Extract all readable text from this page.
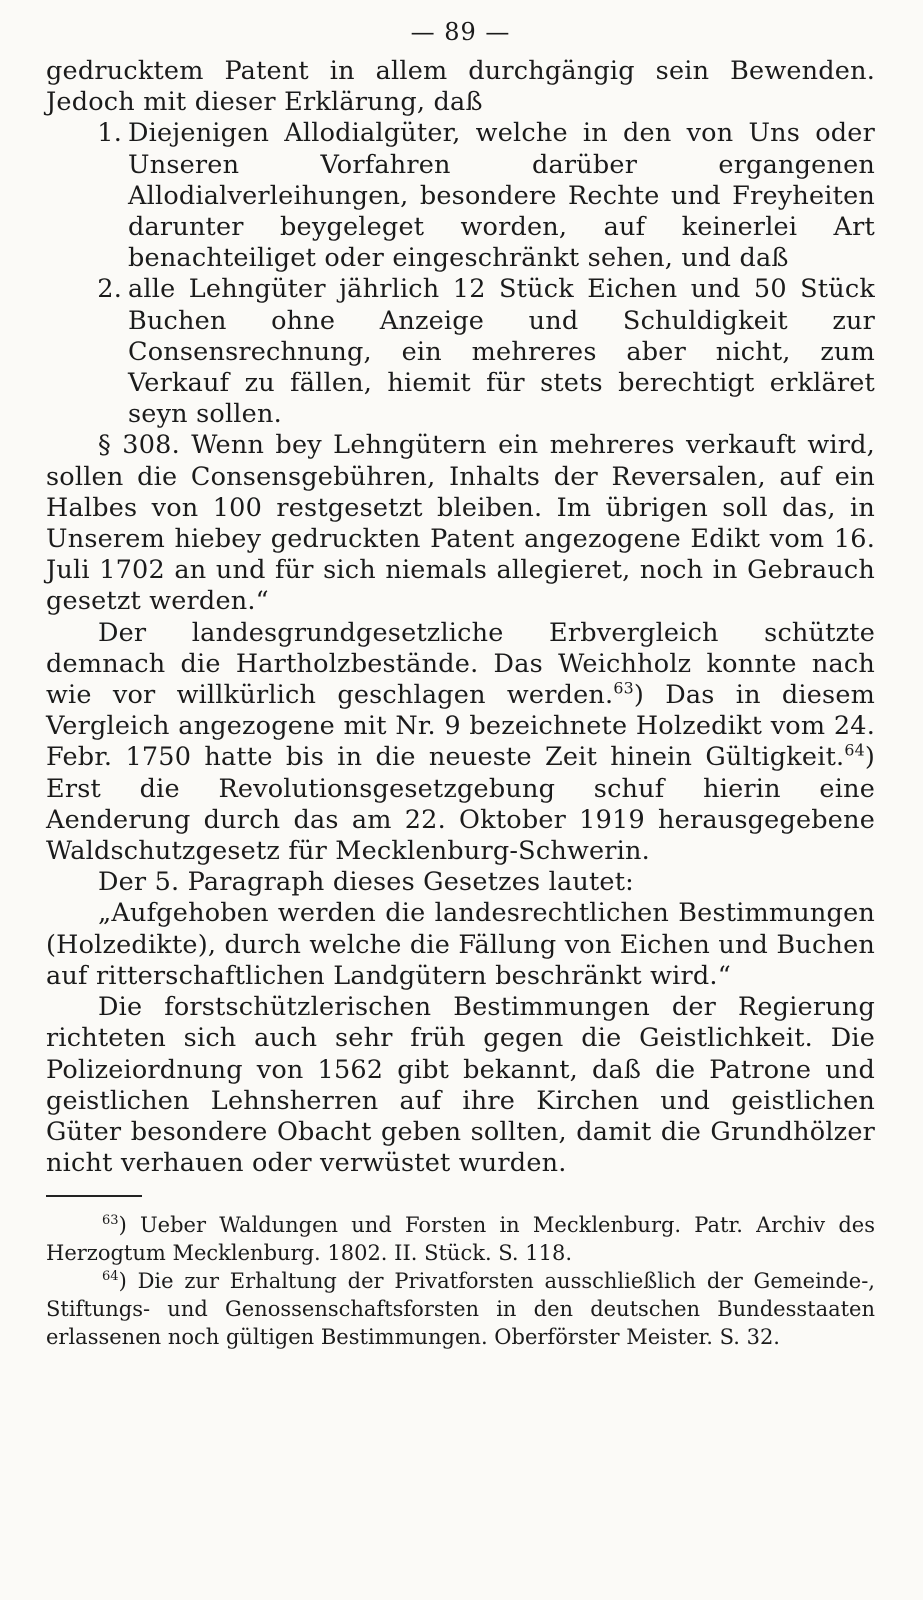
— 89 —

gedrucktem Patent in allem durchgängig sein Bewenden. Jedoch mit dieser Erklärung, daß

1. Diejenigen Allodialgüter, welche in den von Uns oder Unseren Vorfahren darüber ergangenen Allodialverleihungen, besondere Rechte und Freyheiten darunter beygeleget worden, auf keinerlei Art benachteiliget oder eingeschränkt sehen, und daß
2. alle Lehngüter jährlich 12 Stück Eichen und 50 Stück Buchen ohne Anzeige und Schuldigkeit zur Consensrechnung, ein mehreres aber nicht, zum Verkauf zu fällen, hiemit für stets berechtigt erkläret seyn sollen.

§ 308. Wenn bey Lehngütern ein mehreres verkauft wird, sollen die Consensgebühren, Inhalts der Reversalen, auf ein Halbes von 100 restgesetzt bleiben. Im übrigen soll das, in Unserem hiebey gedruckten Patent angezogene Edikt vom 16. Juli 1702 an und für sich niemals allegieret, noch in Gebrauch gesetzt werden.“

Der landesgrundgesetzliche Erbvergleich schützte demnach die Hartholzbestände. Das Weichholz konnte nach wie vor willkürlich geschlagen werden.$^{63}$) Das in diesem Vergleich angezogene mit Nr. 9 bezeichnete Holzedikt vom 24. Febr. 1750 hatte bis in die neueste Zeit hinein Gültigkeit.$^{64}$) Erst die Revolutionsgesetzgebung schuf hierin eine Aenderung durch das am 22. Oktober 1919 herausgegebene Waldschutzgesetz für Mecklenburg-Schwerin.

Der 5. Paragraph dieses Gesetzes lautet:

„Aufgehoben werden die landesrechtlichen Bestimmungen (Holzedikte), durch welche die Fällung von Eichen und Buchen auf ritterschaftlichen Landgütern beschränkt wird.“

Die forstschützlerischen Bestimmungen der Regierung richteten sich auch sehr früh gegen die Geistlichkeit. Die Polizeiordnung von 1562 gibt bekannt, daß die Patrone und geistlichen Lehnsherren auf ihre Kirchen und geistlichen Güter besondere Obacht geben sollten, damit die Grundhölzer nicht verhauen oder verwüstet wurden.

$^{63}$) Ueber Waldungen und Forsten in Mecklenburg. Patr. Archiv des Herzogtum Mecklenburg. 1802. II. Stück. S. 118.

$^{64}$) Die zur Erhaltung der Privatforsten ausschließlich der Gemeinde-, Stiftungs- und Genossenschaftsforsten in den deutschen Bundesstaaten erlassenen noch gültigen Bestimmungen. Oberförster Meister. S. 32.
